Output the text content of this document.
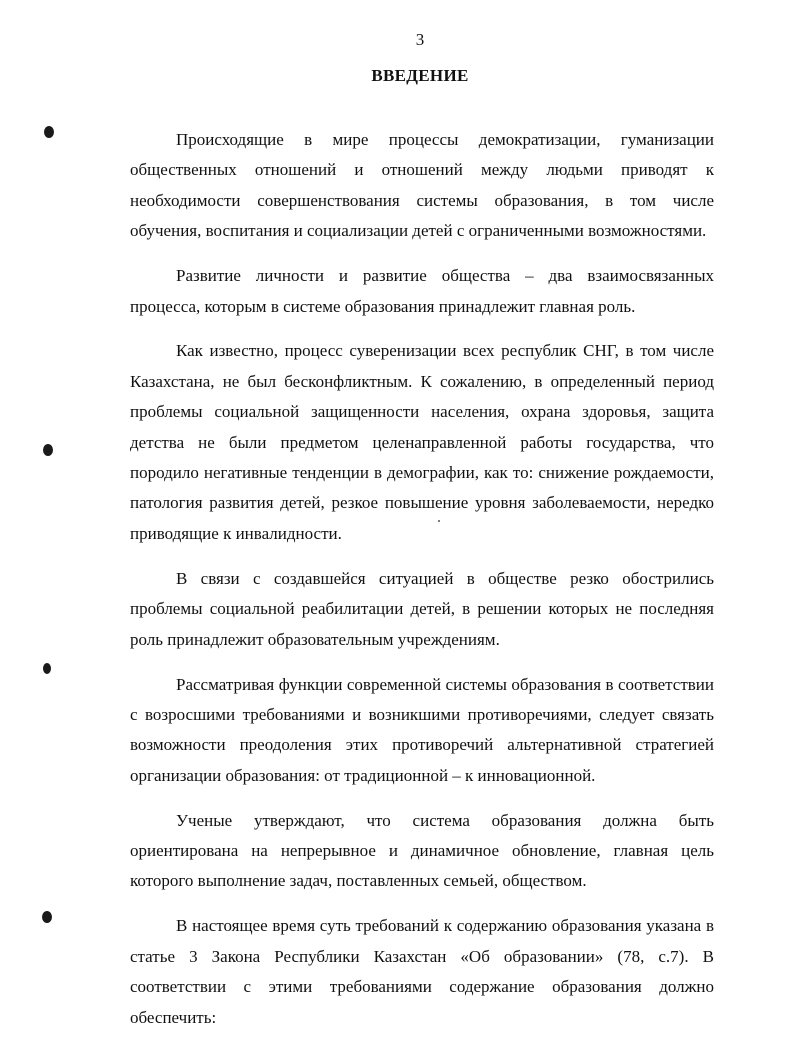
3
ВВЕДЕНИЕ

Происходящие в мире процессы демократизации, гуманизации общественных отношений и отношений между людьми приводят к необходимости совершенствования системы образования, в том числе обучения, воспитания и социализации детей с ограниченными возможностями.

Развитие личности и развитие общества – два взаимосвязанных процесса, которым в системе образования принадлежит главная роль.

Как известно, процесс суверенизации всех республик СНГ, в том числе Казахстана, не был бесконфликтным. К сожалению, в определенный период проблемы социальной защищенности населения, охрана здоровья, защита детства не были предметом целенаправленной работы государства, что породило негативные тенденции в демографии, как то: снижение рождаемости, патология развития детей, резкое повышение уровня заболеваемости, нередко приводящие к инвалидности.

В связи с создавшейся ситуацией в обществе резко обострились проблемы социальной реабилитации детей, в решении которых не последняя роль принадлежит образовательным учреждениям.

Рассматривая функции современной системы образования в соответствии с возросшими требованиями и возникшими противоречиями, следует связать возможности преодоления этих противоречий альтернативной стратегией организации образования: от традиционной – к инновационной.

Ученые утверждают, что система образования должна быть ориентирована на непрерывное и динамичное обновление, главная цель которого выполнение задач, поставленных семьей, обществом.

В настоящее время суть требований к содержанию образования указана в статье 3 Закона Республики Казахстан «Об образовании» (78, с.7). В соответствии с этими требованиями содержание образования должно обеспечить:
